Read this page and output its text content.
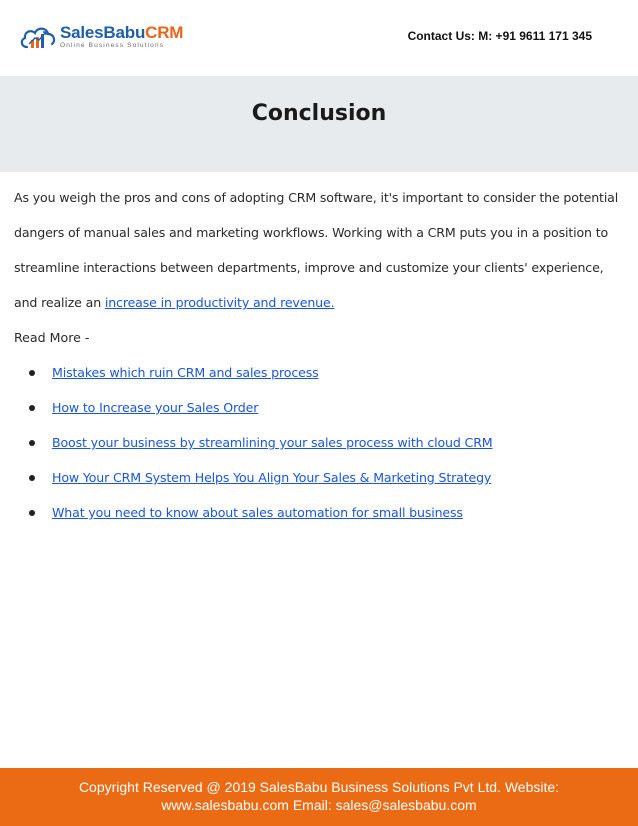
SalesBabuCRM
Online Business Solutions
Contact Us: M: +91 9611 171 345
Conclusion

As you weigh the pros and cons of adopting CRM software, it's important to consider the potential dangers of manual sales and marketing workflows. Working with a CRM puts you in a position to streamline interactions between departments, improve and customize your clients' experience, and realize an increase in productivity and revenue.

Read More -

Mistakes which ruin CRM and sales process
How to Increase your Sales Order
Boost your business by streamlining your sales process with cloud CRM
How Your CRM System Helps You Align Your Sales & Marketing Strategy
What you need to know about sales automation for small business
Copyright Reserved @ 2019 SalesBabu Business Solutions Pvt Ltd. Website:
www.salesbabu.com Email: sales@salesbabu.com
